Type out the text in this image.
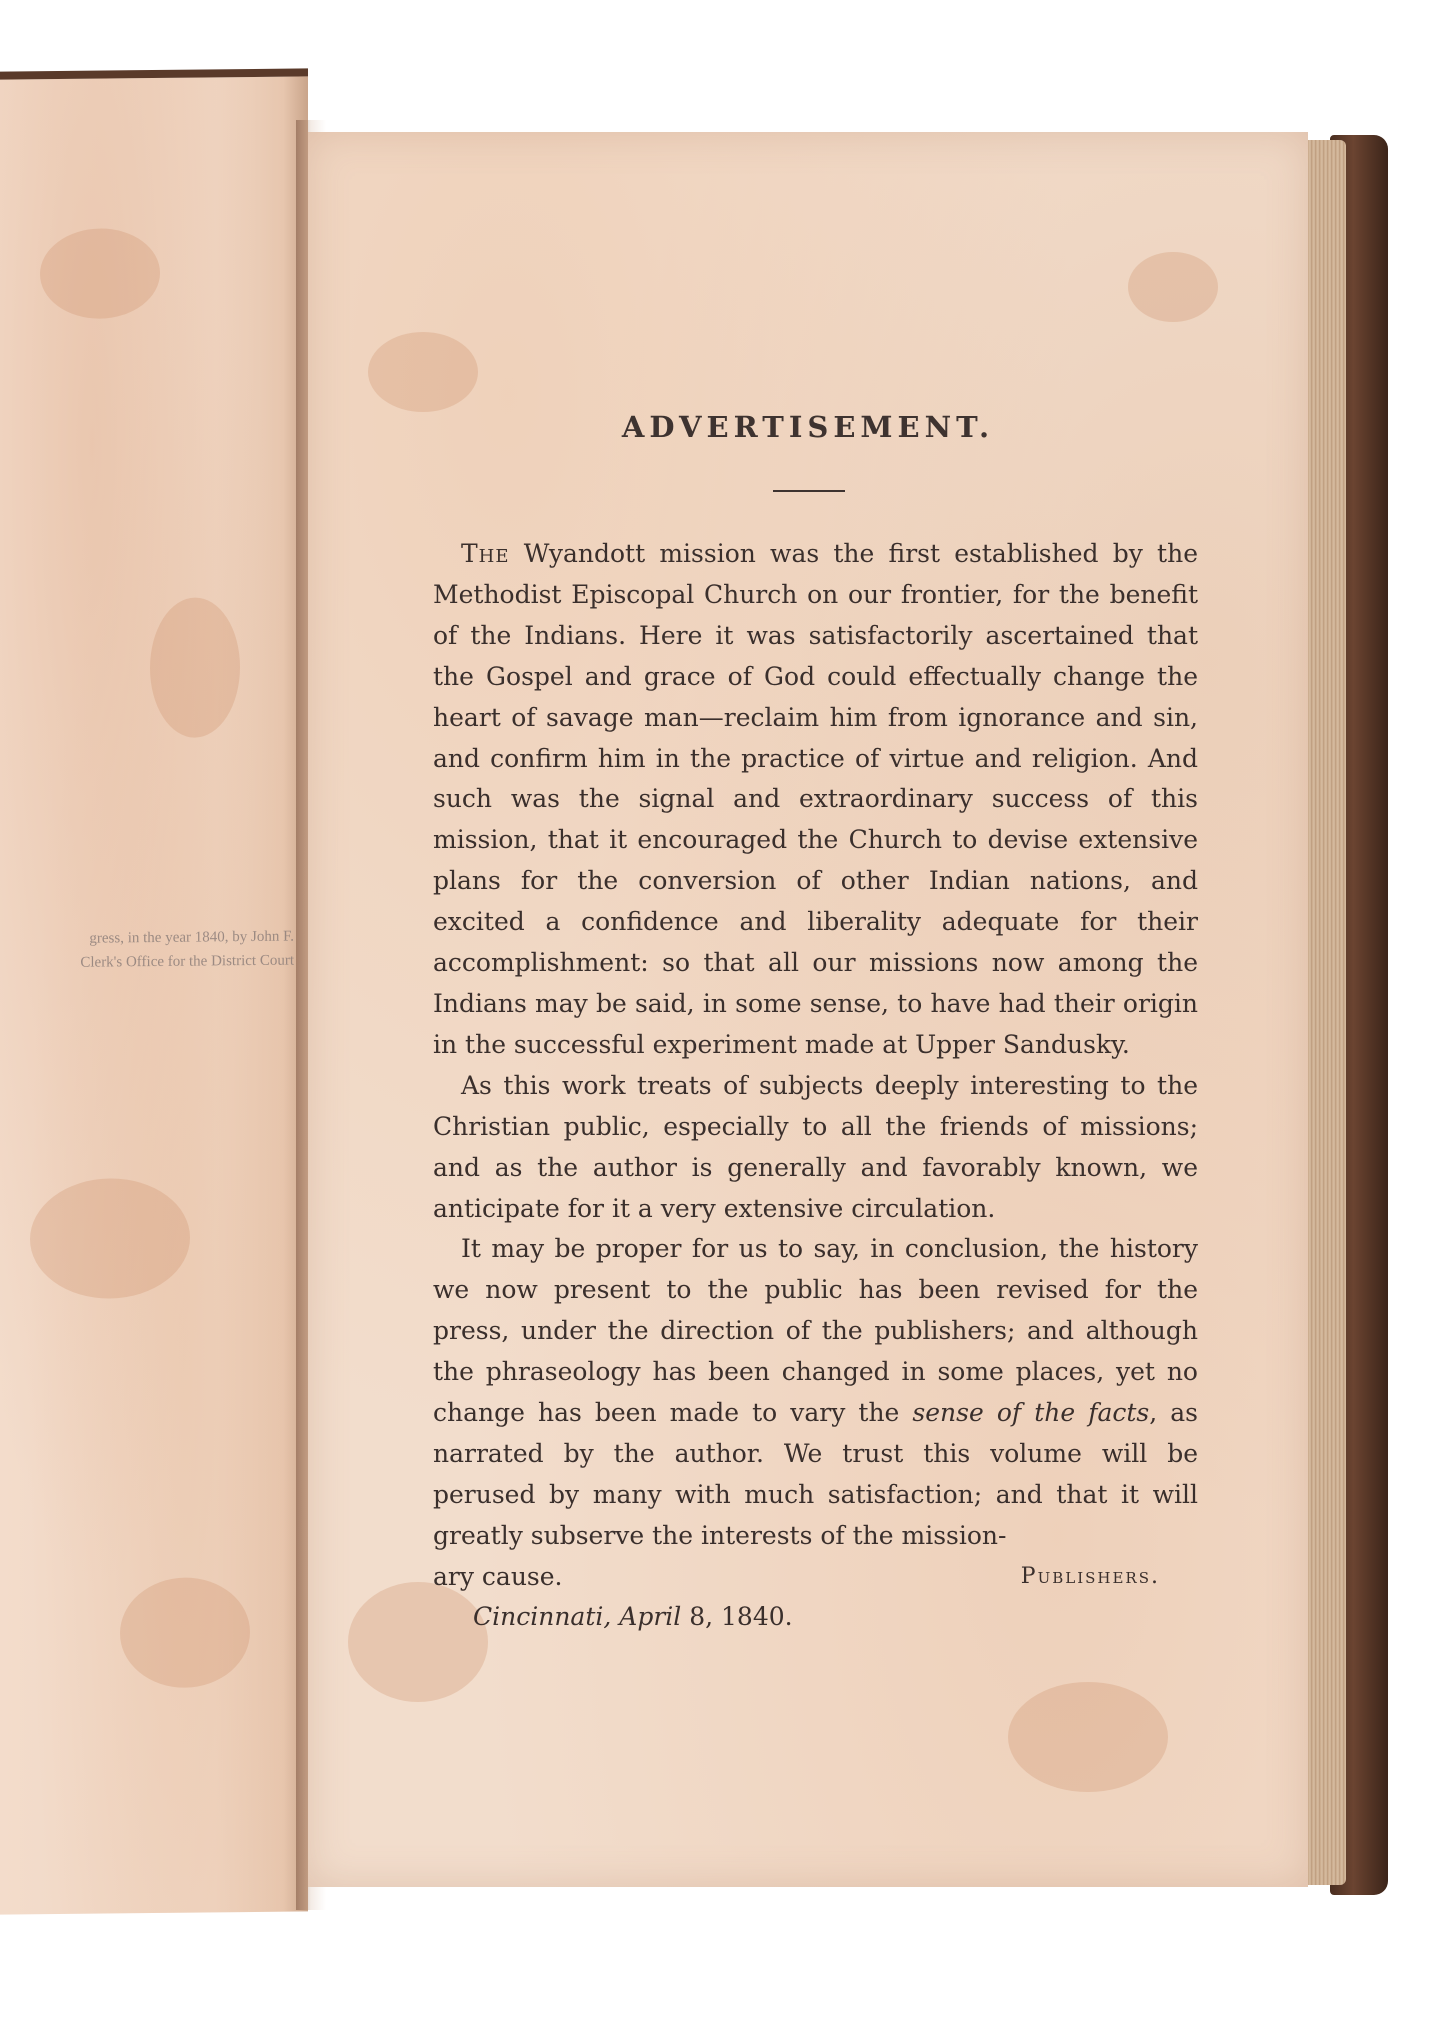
gress, in the year 1840, by John F.
Clerk's Office for the District Court
ADVERTISEMENT.

The Wyandott mission was the first established by the Methodist Episcopal Church on our frontier, for the benefit of the Indians. Here it was satisfactorily ascertained that the Gospel and grace of God could effectually change the heart of savage man—reclaim him from ignorance and sin, and confirm him in the practice of virtue and religion. And such was the signal and extraordinary success of this mission, that it encouraged the Church to devise extensive plans for the conversion of other Indian nations, and excited a confidence and liberality adequate for their accomplishment: so that all our missions now among the Indians may be said, in some sense, to have had their origin in the successful experiment made at Upper Sandusky.

As this work treats of subjects deeply interesting to the Christian public, especially to all the friends of missions; and as the author is generally and favorably known, we anticipate for it a very extensive circulation.

It may be proper for us to say, in conclusion, the history we now present to the public has been revised for the press, under the direction of the publishers; and although the phraseology has been changed in some places, yet no change has been made to vary the sense of the facts, as narrated by the author. We trust this volume will be perused by many with much satisfaction; and that it will greatly subserve the interests of the mission-

ary cause.	Publishers.
Cincinnati, April 8, 1840.
